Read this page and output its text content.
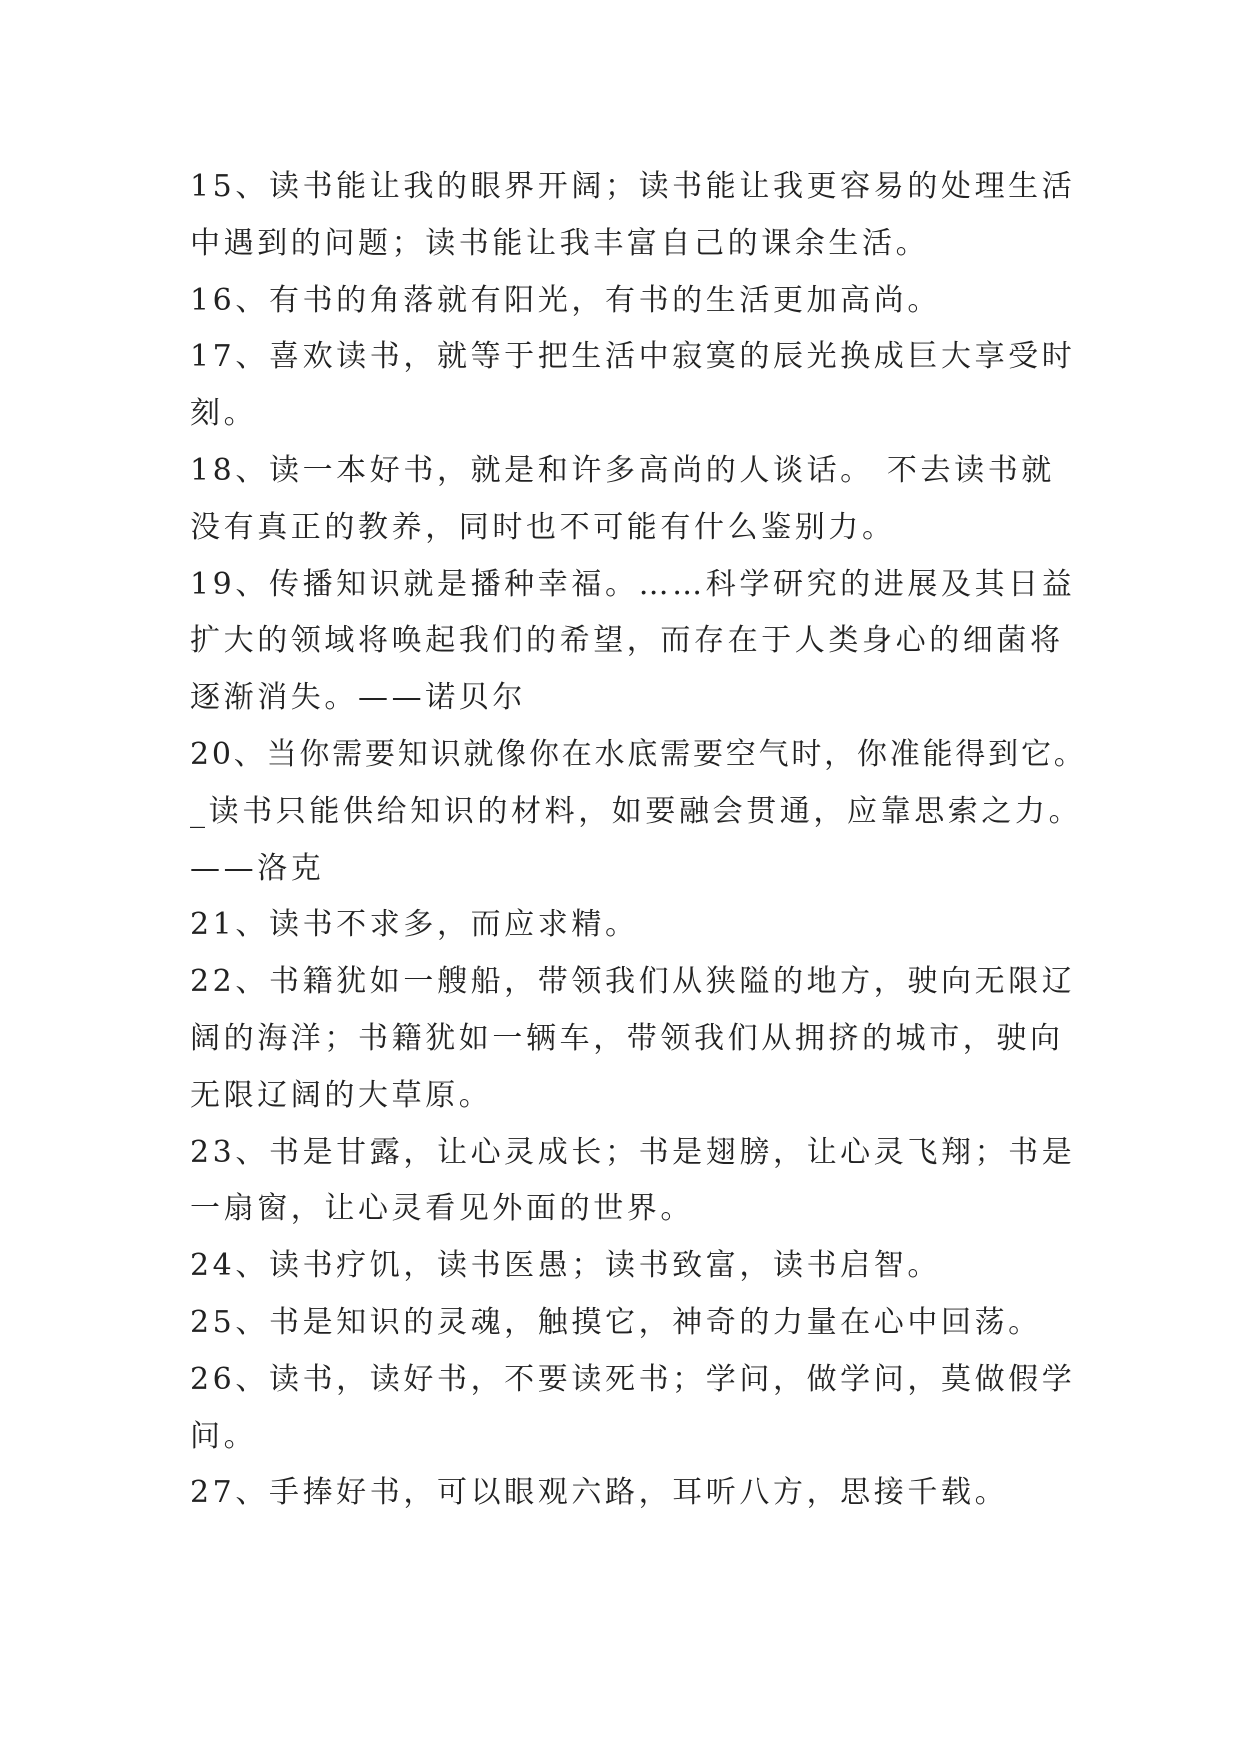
15、读书能让我的眼界开阔；读书能让我更容易的处理生活
中遇到的问题；读书能让我丰富自己的课余生活。
16、有书的角落就有阳光，有书的生活更加高尚。
17、喜欢读书，就等于把生活中寂寞的辰光换成巨大享受时
刻。
18、读一本好书，就是和许多高尚的人谈话。 不去读书就
没有真正的教养，同时也不可能有什么鉴别力。
19、传播知识就是播种幸福。……科学研究的进展及其日益
扩大的领域将唤起我们的希望，而存在于人类身心的细菌将
逐渐消失。——诺贝尔
20、当你需要知识就像你在水底需要空气时，你准能得到它。
_读书只能供给知识的材料，如要融会贯通，应靠思索之力。
——洛克
21、读书不求多，而应求精。
22、书籍犹如一艘船，带领我们从狭隘的地方，驶向无限辽
阔的海洋；书籍犹如一辆车，带领我们从拥挤的城市，驶向
无限辽阔的大草原。
23、书是甘露，让心灵成长；书是翅膀，让心灵飞翔；书是
一扇窗，让心灵看见外面的世界。
24、读书疗饥，读书医愚；读书致富，读书启智。
25、书是知识的灵魂，触摸它，神奇的力量在心中回荡。
26、读书，读好书，不要读死书；学问，做学问，莫做假学
问。
27、手捧好书，可以眼观六路，耳听八方，思接千载。
